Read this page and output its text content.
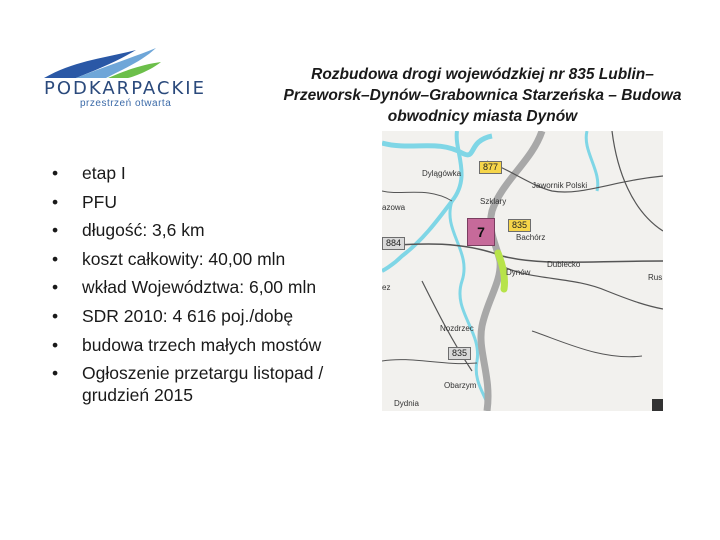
PODKARPACKIE
przestrzeń otwarta
Rozbudowa drogi wojewódzkiej nr 835 Lublin– Przeworsk–Dynów–Grabownica Starzeńska – Budowa obwodnicy miasta Dynów
• etap I
• PFU
• długość: 3,6 km
• koszt całkowity: 40,00 mln
• wkład Województwa: 6,00 mln
• SDR 2010: 4 616 poj./dobę
• budowa trzech małych mostów
• Ogłoszenie przetargu listopad / grudzień 2015
877
835
884
835
7
Dylągówka
Jawornik Polski
Szklary
Bachórz
Dynów
Dubiecko
Nozdrzec
Obarzym
Dydnia
Rus
azowa
ez
